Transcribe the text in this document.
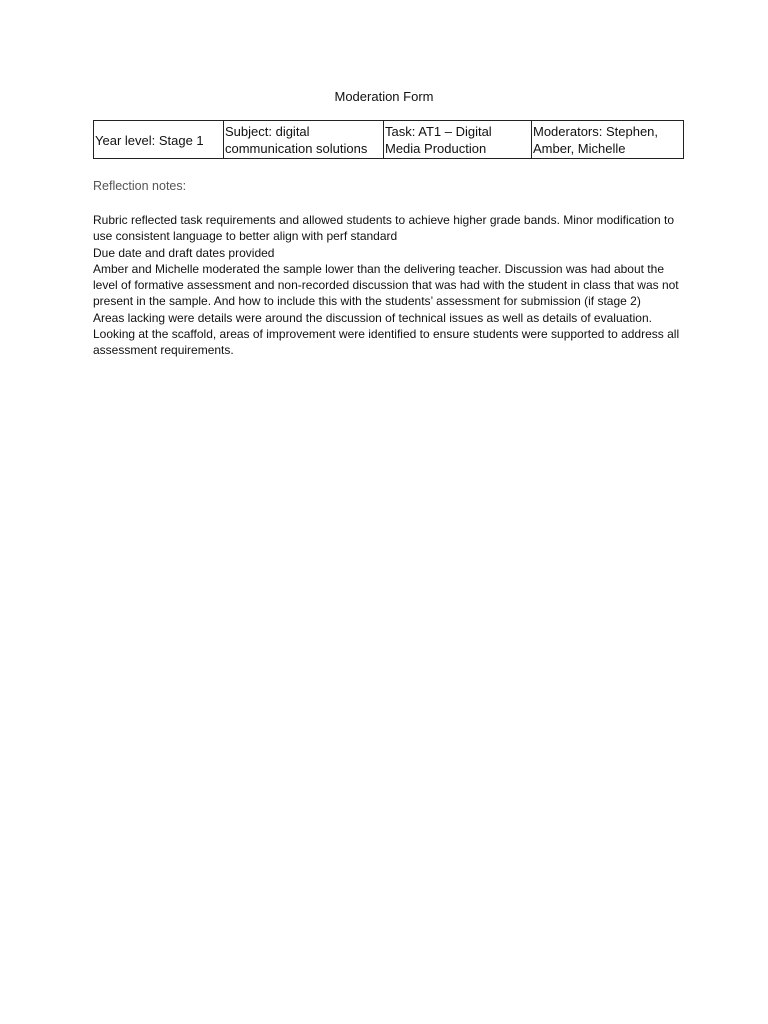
Moderation Form
Year level: Stage 1	Subject: digital communication solutions	Task: AT1 – Digital Media Production	Moderators: Stephen, Amber, Michelle
Reflection notes:

Rubric reflected task requirements and allowed students to achieve higher grade bands. Minor modification to use consistent language to better align with perf standard

Due date and draft dates provided

Amber and Michelle moderated the sample lower than the delivering teacher. Discussion was had about the level of formative assessment and non-recorded discussion that was had with the student in class that was not present in the sample. And how to include this with the students’ assessment for submission (if stage 2)

Areas lacking were details were around the discussion of technical issues as well as details of evaluation. Looking at the scaffold, areas of improvement were identified to ensure students were supported to address all assessment requirements.
